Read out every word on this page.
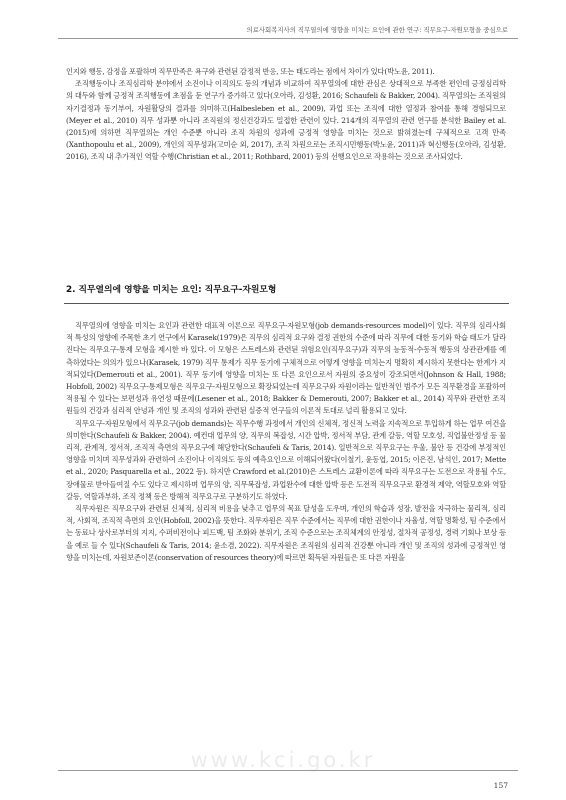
의료사회복지사의 직무열의에 영향을 미치는 요인에 관한 연구: 직무요구-자원모형을 중심으로

인지와 행동, 감정을 포괄하며 직무만족은 욕구와 관련된 감정적 반응, 또는 태도라는 점에서 차이가 있다(박노윤, 2011).

조직행동이나 조직심리학 분야에서 소진이나 이직의도 등의 개념과 비교하여 직무열의에 대한 관심은 상대적으로 부족한 편인데 긍정심리학의 대두와 함께 긍정적 조직행동에 초점을 둔 연구가 증가하고 있다(오아라, 김성환, 2016; Schaufeli & Bakker, 2004). 직무열의는 조직원의 자기결정과 동기부여, 자원활당의 결과를 의미하고(Halbesleben et al., 2009), 과업 또는 조직에 대한 열정과 참여를 통해 경험되므로(Meyer et al., 2010) 직무 성과뿐 아니라 조직원의 정신건강과도 밀접한 관련이 있다. 214개의 직무열의 관련 연구를 분석한 Bailey et al.(2015)에 의하면 직무열의는 개인 수준뿐 아니라 조직 차원의 성과에 긍정적 영향을 미치는 것으로 밝혀졌는데 구체적으로 고객 만족(Xanthopoulu et al., 2009), 개인의 직무성과(고미순 외, 2017), 조직 차원으로는 조직시민행동(박노윤, 2011)과 혁신행동(오아라, 김성환, 2016), 조직 내 추가적인 역할 수행(Christian et al., 2011; Rothbard, 2001) 등의 선행요인으로 작용하는 것으로 조사되었다.

2. 직무열의에 영향을 미치는 요인: 직무요구-자원모형

직무열의에 영향을 미치는 요인과 관련한 대표적 이론으로 직무요구-자원모형(job demands-resources model)이 있다. 직무의 심리사회적 특성의 영향에 주목한 초기 연구에서 Karasek(1979)은 직무의 심리적 요구와 결정 권한의 수준에 따라 직무에 대한 동기와 학습 태도가 달라진다는 직무요구-통제 모형을 제시한 바 있다. 이 모형은 스트레스와 관련된 위험요인(직무요구)과 직무의 능동적-수동적 행동의 상관관계를 예측하였다는 의의가 있으나(Karasek, 1979) 직무 통제가 직무 동기에 구체적으로 어떻게 영향을 미치는지 명확히 제시하지 못한다는 한계가 지적되었다(Demerouti et al., 2001). 직무 동기에 영향을 미치는 또 다른 요인으로서 자원의 중요성이 강조되면서(Johnson & Hall, 1988; Hobfoll, 2002) 직무요구-통제모형은 직무요구-자원모형으로 확장되었는데 직무요구와 자원이라는 일반적인 범주가 모든 직무환경을 포괄하여 적용될 수 있다는 보편성과 유연성 때문에(Lesener et al., 2018; Bakker & Demerouti, 2007; Bakker et al., 2014) 직무와 관련한 조직원들의 건강과 심리적 안녕과 개인 및 조직의 성과와 관련된 실증적 연구들의 이론적 토대로 널리 활용되고 있다.

직무요구-자원모형에서 직무요구(job demands)는 직무수행 과정에서 개인의 신체적, 정신적 노력을 지속적으로 투입하게 하는 업무 여건을 의미한다(Schaufeli & Bakker, 2004). 예컨대 업무의 양, 직무의 복잡성, 시간 압박, 정서적 부담, 관계 갈등, 역할 모호성, 직업불안정성 등 물리적, 관계적, 정서적, 조직적 측면의 직무요구에 해당한다(Schaufeli & Taris, 2014). 일반적으로 직무요구는 우울, 불안 등 건강에 부정적인 영향을 미치며 직무성과와 관련하여 소진이나 이직의도 등의 예측요인으로 이해되어왔다(이철기, 윤동엽, 2015; 이은진, 남석인, 2017; Mette et al., 2020; Pasquarella et al., 2022 등). 하지만 Crawford et al.(2010)은 스트레스 교환이론에 따라 직무요구는 도전으로 작용될 수도, 장애물로 받아들여질 수도 있다고 제시하며 업무의 양, 직무복잡성, 과업완수에 대한 압박 등은 도전적 직무요구로 환경적 제약, 역할모호와 역할갈등, 역할과부하, 조직 정책 등은 방해적 직무요구로 구분하기도 하였다.

직무자원은 직무요구와 관련된 신체적, 심리적 비용을 낮추고 업무의 목표 달성을 도우며, 개인의 학습과 성장, 발전을 자극하는 물리적, 심리적, 사회적, 조직적 측면의 요인(Hobfoll, 2002)을 뜻한다. 직무자원은 직무 수준에서는 직무에 대한 권한이나 자율성, 역할 명확성, 팀 수준에서는 동료나 상사로부터의 지지, 수퍼비전이나 피드백, 팀 조화와 분위기, 조직 수준으로는 조직체계의 안정성, 절차적 공정성, 경력 기회나 보상 등을 예로 들 수 있다(Schaufeli & Taris, 2014; 윤소겸, 2022). 직무자원은 조직원의 심리적 건강뿐 아니라 개인 및 조직의 성과에 긍정적인 영향을 미치는데, 자원보존이론(conservation of resources theory)에 따르면 획득된 자원들은 또 다른 자원을

www.kci.go.kr
157
